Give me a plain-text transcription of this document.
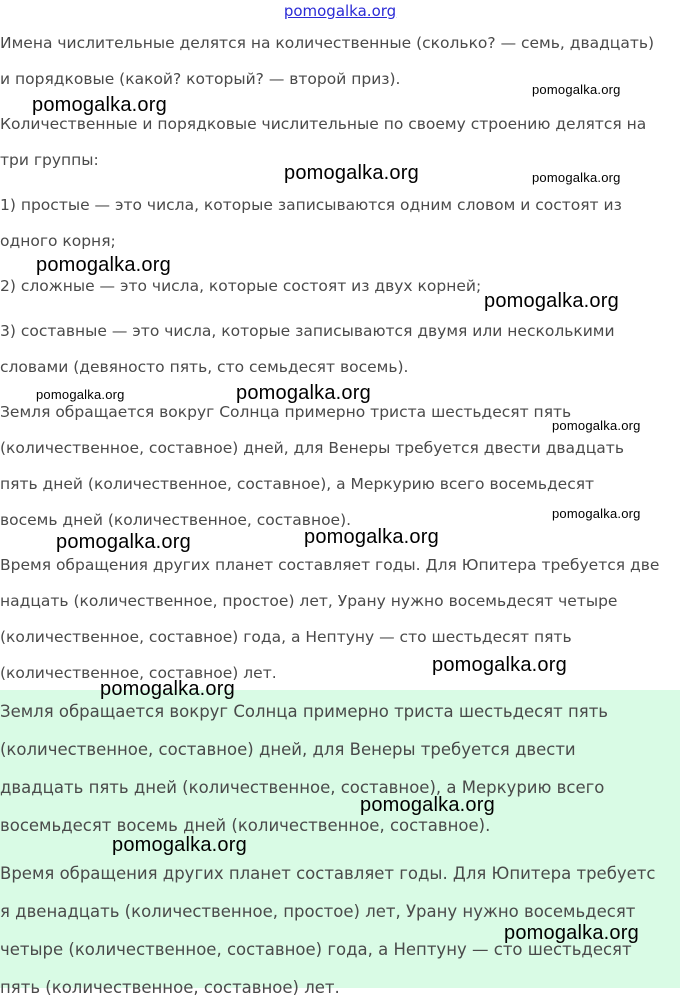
pomogalka.org
Имена числительные делятся на количественные (сколько? — семь, двадцать)
и порядковые (какой? который? — второй приз).
Количественные и порядковые числительные по своему строению делятся на
три группы:
1) простые — это числа, которые записываются одним словом и состоят из
одного корня;
2) сложные — это числа, которые состоят из двух корней;
3) составные — это числа, которые записываются двумя или несколькими
словами (девяносто пять, сто семьдесят восемь).
Земля обращается вокруг Солнца примерно триста шестьдесят пять
(количественное, составное) дней, для Венеры требуется двести двадцать
пять дней (количественное, составное), а Меркурию всего восемьдесят
восемь дней (количественное, составное).
Время обращения других планет составляет годы. Для Юпитера требуется две
надцать (количественное, простое) лет, Урану нужно восемьдесят четыре
(количественное, составное) года, а Нептуну — сто шестьдесят пять
(количественное, составное) лет.
Земля обращается вокруг Солнца примерно триста шестьдесят пять
(количественное, составное) дней, для Венеры требуется двести
двадцать пять дней (количественное, составное), а Меркурию всего
восемьдесят восемь дней (количественное, составное).
Время обращения других планет составляет годы. Для Юпитера требуетс
я двенадцать (количественное, простое) лет, Урану нужно восемьдесят
четыре (количественное, составное) года, а Нептуну — сто шестьдесят
пять (количественное, составное) лет.
pomogalka.org
pomogalka.org
pomogalka.org	pomogalka.org
pomogalka.org
pomogalka.org
pomogalka.org	pomogalka.org
pomogalka.org
pomogalka.org
pomogalka.org	pomogalka.org
pomogalka.org
pomogalka.org
pomogalka.org
pomogalka.org
pomogalka.org
